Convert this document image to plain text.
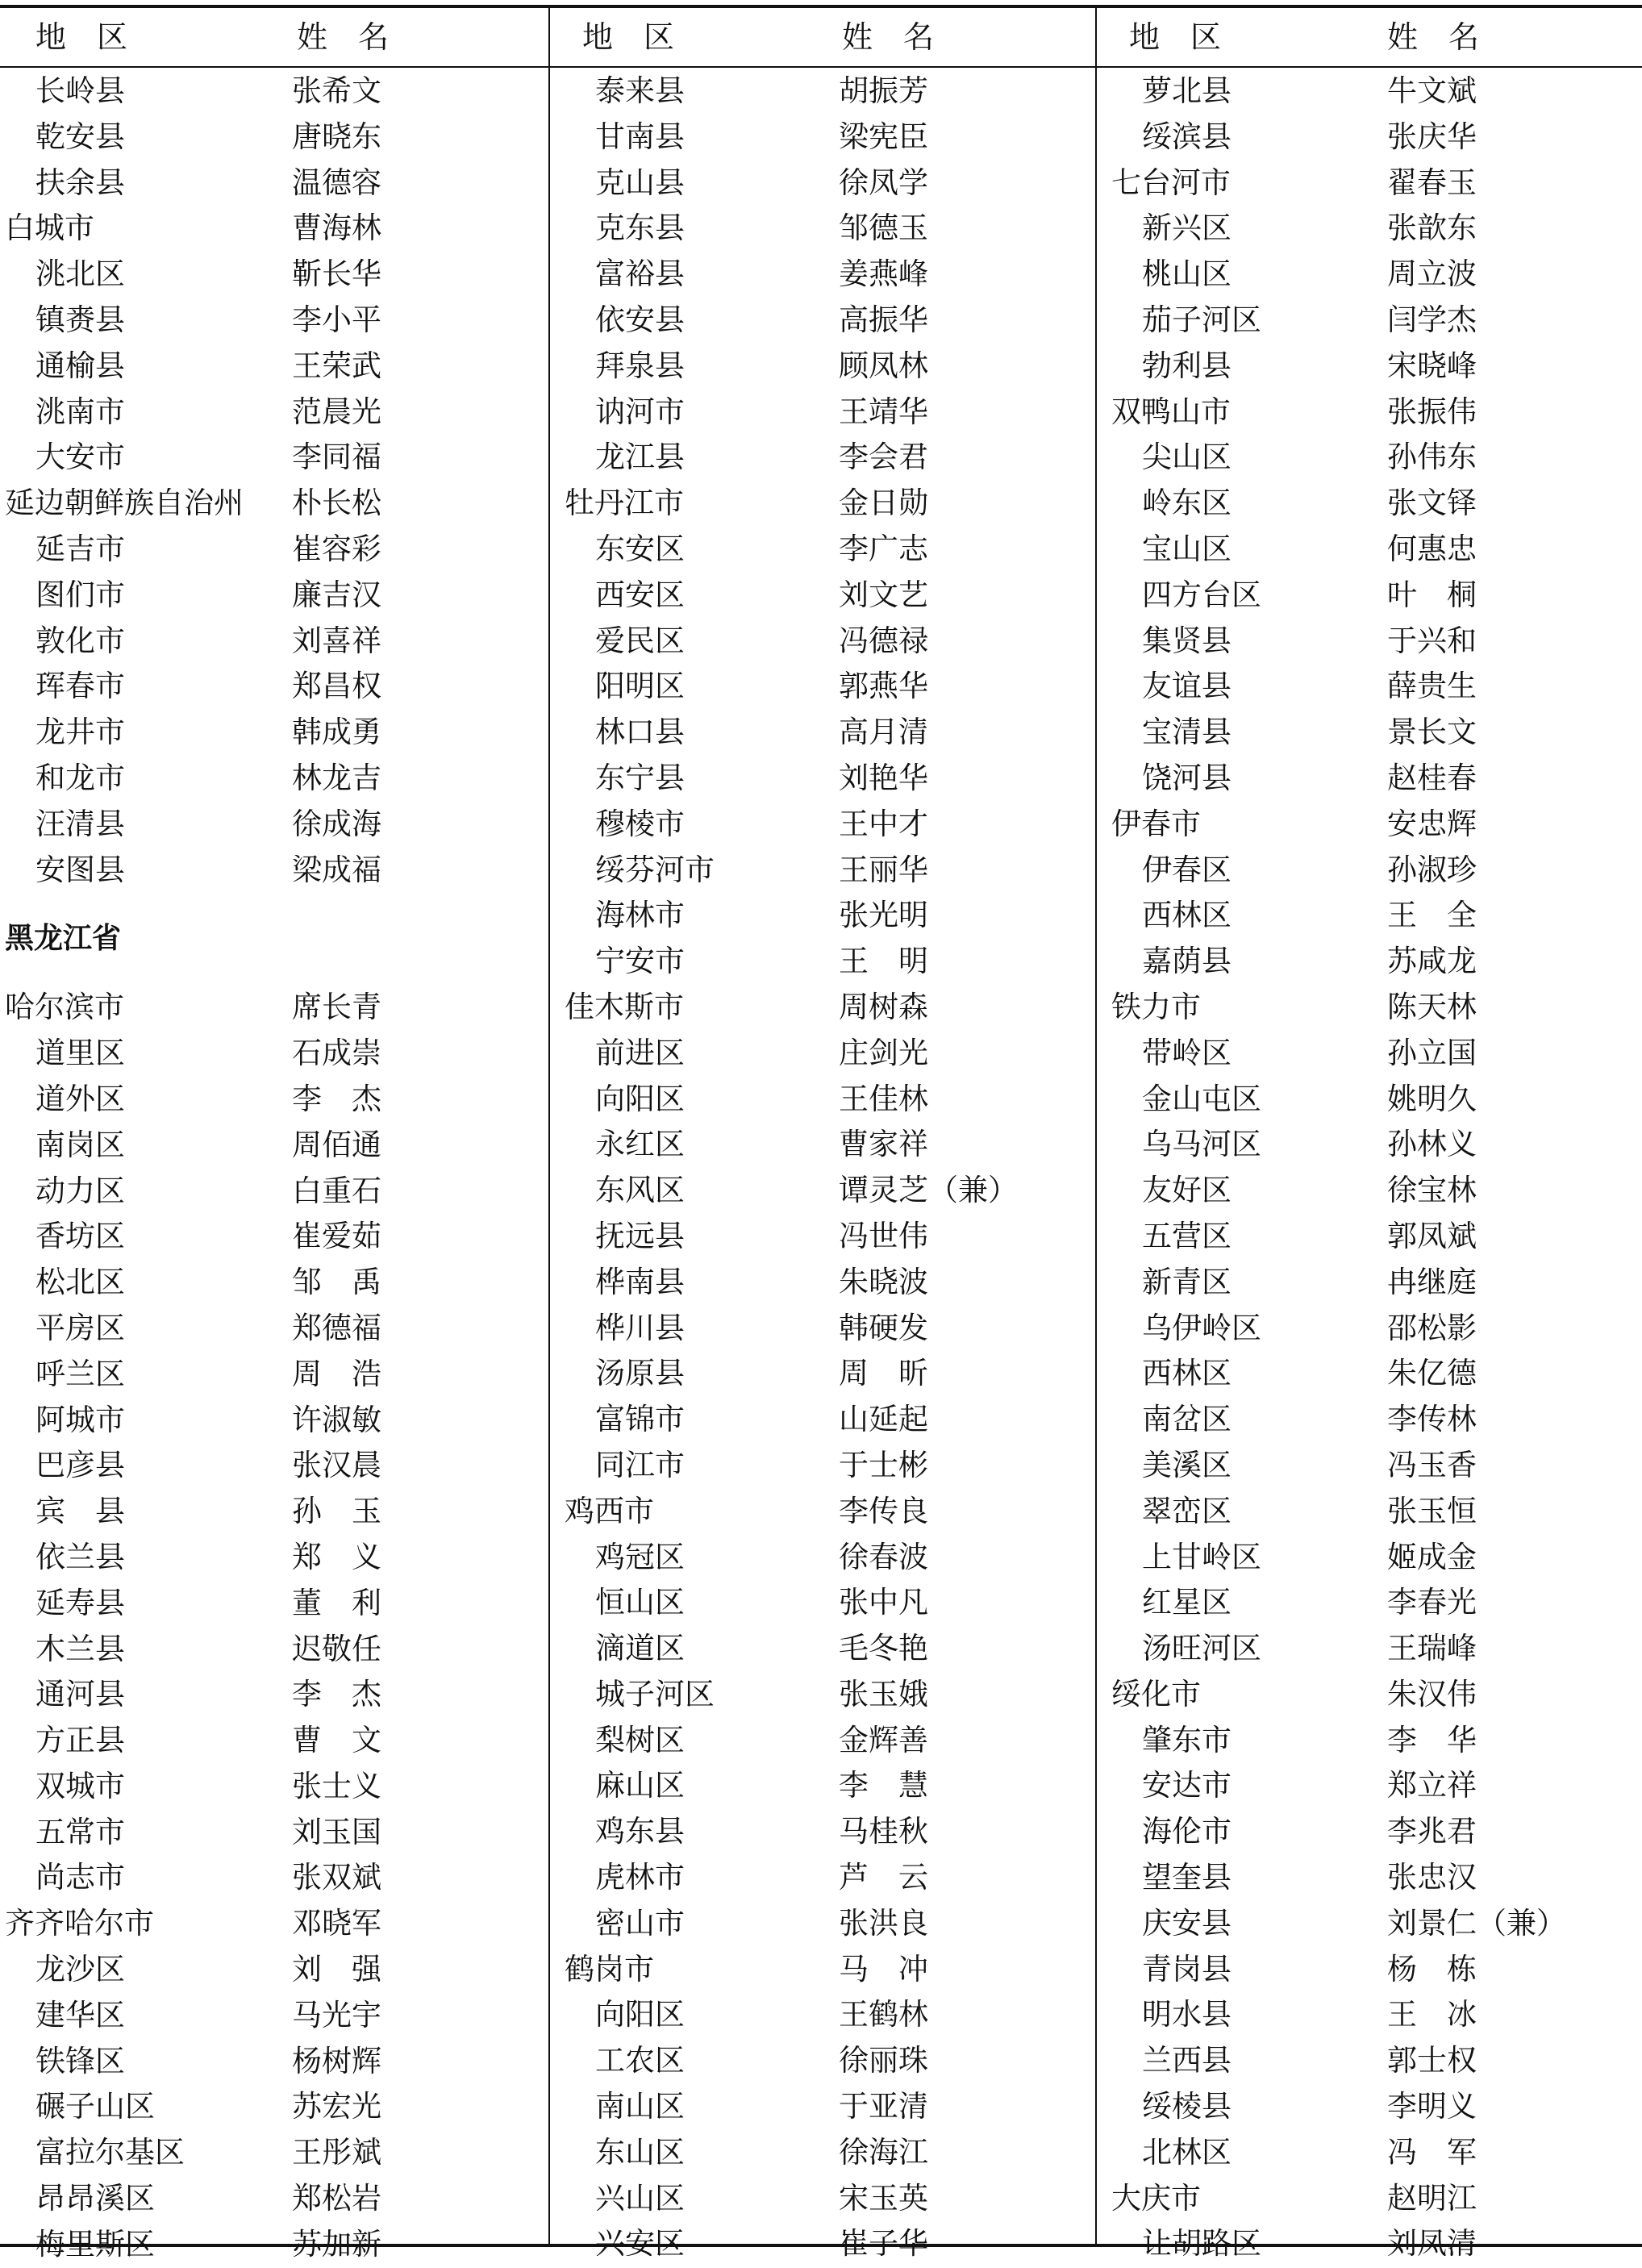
地　区	姓　名
长岭县	张希文
乾安县	唐晓东
扶余县	温德容
白城市	曹海林
洮北区	靳长华
镇赉县	李小平
通榆县	王荣武
洮南市	范晨光
大安市	李同福
延边朝鲜族自治州 朴长松
延吉市	崔容彩
图们市	廉吉汉
敦化市	刘喜祥
珲春市	郑昌权
龙井市	韩成勇
和龙市	林龙吉
汪清县	徐成海
安图县	梁成福
黑龙江省
哈尔滨市	席长青
道里区	石成崇
道外区	李　杰
南岗区	周佰通
动力区	白重石
香坊区	崔爱茹
松北区	邹　禹
平房区	郑德福
呼兰区	周　浩
阿城市	许淑敏
巴彦县	张汉晨
宾　县	孙　玉
依兰县	郑　义
延寿县	董　利
木兰县	迟敬任
通河县	李　杰
方正县	曹　文
双城市	张士义
五常市	刘玉国
尚志市	张双斌
齐齐哈尔市	邓晓军
龙沙区	刘　强
建华区	马光宇
铁锋区	杨树辉
碾子山区	苏宏光
富拉尔基区	王彤斌
昂昂溪区	郑松岩
梅里斯区	苏加新
地　区	姓　名
泰来县	胡振芳
甘南县	梁宪臣
克山县	徐凤学
克东县	邹德玉
富裕县	姜燕峰
依安县	高振华
拜泉县	顾凤林
讷河市	王靖华
龙江县	李会君
牡丹江市	金日勋
东安区	李广志
西安区	刘文艺
爱民区	冯德禄
阳明区	郭燕华
林口县	高月清
东宁县	刘艳华
穆棱市	王中才
绥芬河市	王丽华
海林市	张光明
宁安市	王　明
佳木斯市	周树森
前进区	庄剑光
向阳区	王佳林
永红区	曹家祥
东风区	谭灵芝（兼）
抚远县	冯世伟
桦南县	朱晓波
桦川县	韩硬发
汤原县	周　昕
富锦市	山延起
同江市	于士彬
鸡西市	李传良
鸡冠区	徐春波
恒山区	张中凡
滴道区	毛冬艳
城子河区	张玉娥
梨树区	金辉善
麻山区	李　慧
鸡东县	马桂秋
虎林市	芦　云
密山市	张洪良
鹤岗市	马　冲
向阳区	王鹤林
工农区	徐丽珠
南山区	于亚清
东山区	徐海江
兴山区	宋玉英
兴安区	崔子华
地　区	姓　名
萝北县	牛文斌
绥滨县	张庆华
七台河市	翟春玉
新兴区	张歆东
桃山区	周立波
茄子河区	闫学杰
勃利县	宋晓峰
双鸭山市	张振伟
尖山区	孙伟东
岭东区	张文铎
宝山区	何惠忠
四方台区	叶　桐
集贤县	于兴和
友谊县	薛贵生
宝清县	景长文
饶河县	赵桂春
伊春市	安忠辉
伊春区	孙淑珍
西林区	王　全
嘉荫县	苏咸龙
铁力市	陈天林
带岭区	孙立国
金山屯区	姚明久
乌马河区	孙林义
友好区	徐宝林
五营区	郭凤斌
新青区	冉继庭
乌伊岭区	邵松影
西林区	朱亿德
南岔区	李传林
美溪区	冯玉香
翠峦区	张玉恒
上甘岭区	姬成金
红星区	李春光
汤旺河区	王瑞峰
绥化市	朱汉伟
肇东市	李　华
安达市	郑立祥
海伦市	李兆君
望奎县	张忠汉
庆安县	刘景仁（兼）
青岗县	杨　栋
明水县	王　冰
兰西县	郭士权
绥棱县	李明义
北林区	冯　军
大庆市	赵明江
让胡路区	刘凤清
